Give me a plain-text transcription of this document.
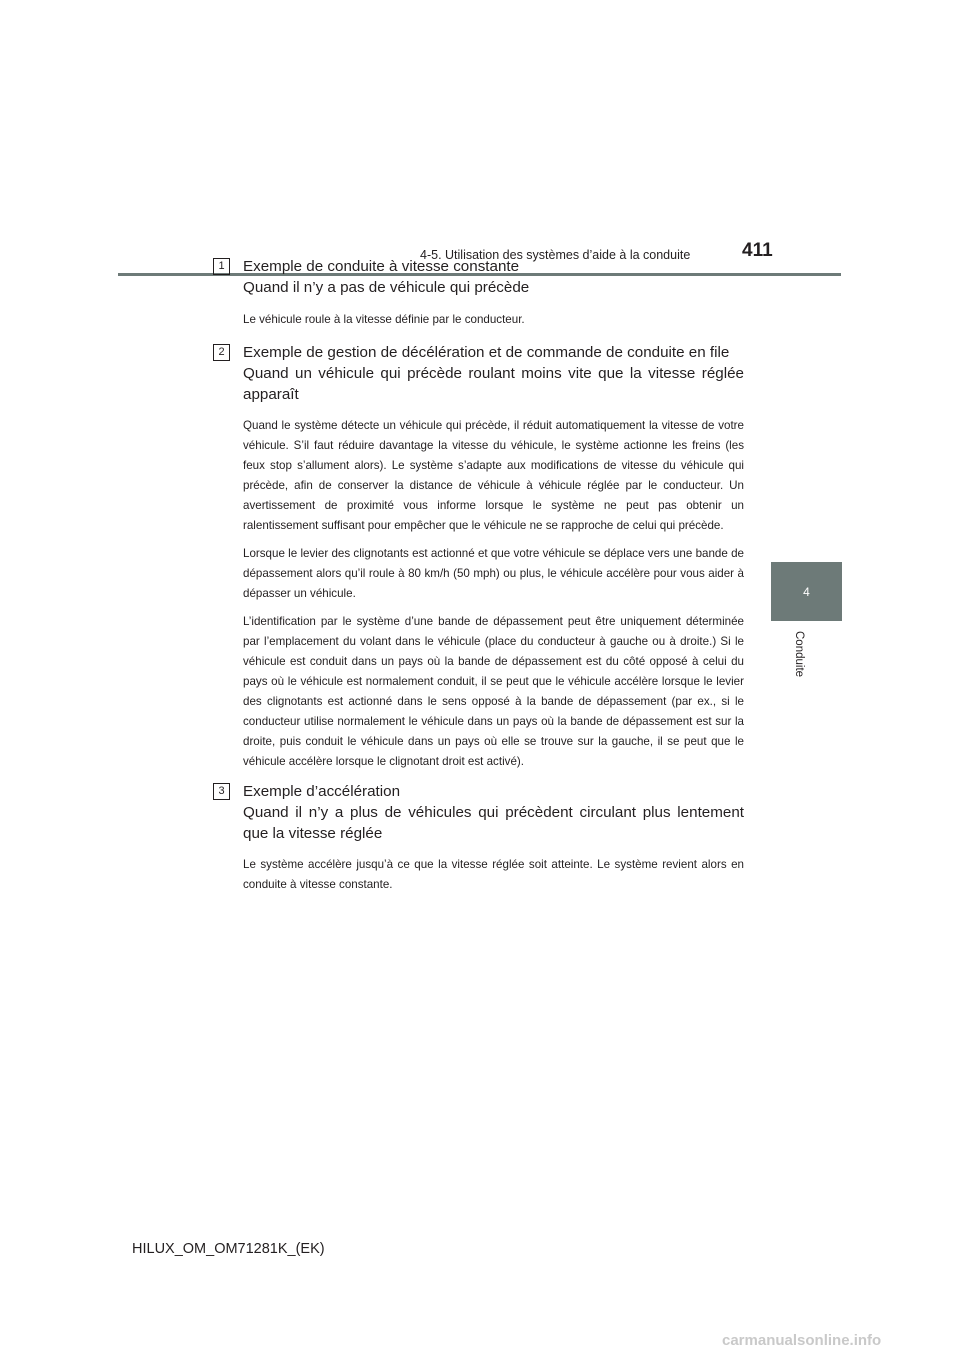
4-5. Utilisation des systèmes d’aide à la conduite	411
4
Conduite
1	Exemple de conduite à vitesse constante
Quand il n’y a pas de véhicule qui précède

Le véhicule roule à la vitesse définie par le conducteur.

2	Exemple de gestion de décélération et de commande de conduite en file
Quand un véhicule qui précède roulant moins vite que la vitesse réglée apparaît

Quand le système détecte un véhicule qui précède, il réduit automatiquement la vitesse de votre véhicule. S’il faut réduire davantage la vitesse du véhicule, le système actionne les freins (les feux stop s’allument alors). Le système s’adapte aux modifications de vitesse du véhicule qui précède, afin de conserver la distance de véhicule à véhicule réglée par le conducteur. Un avertissement de proximité vous informe lorsque le système ne peut pas obtenir un ralentissement suffisant pour empêcher que le véhicule ne se rapproche de celui qui précède.

Lorsque le levier des clignotants est actionné et que votre véhicule se déplace vers une bande de dépassement alors qu’il roule à 80 km/h (50 mph) ou plus, le véhicule accélère pour vous aider à dépasser un véhicule.

L’identification par le système d’une bande de dépassement peut être uniquement déterminée par l’emplacement du volant dans le véhicule (place du conducteur à gauche ou à droite.) Si le véhicule est conduit dans un pays où la bande de dépassement est du côté opposé à celui du pays où le véhicule est normalement conduit, il se peut que le véhicule accélère lorsque le levier des clignotants est actionné dans le sens opposé à la bande de dépassement (par ex., si le conducteur utilise normalement le véhicule dans un pays où la bande de dépassement est sur la droite, puis conduit le véhicule dans un pays où elle se trouve sur la gauche, il se peut que le véhicule accélère lorsque le clignotant droit est activé).

3	Exemple d’accélération
Quand il n’y a plus de véhicules qui précèdent circulant plus lentement que la vitesse réglée

Le système accélère jusqu’à ce que la vitesse réglée soit atteinte. Le système revient alors en conduite à vitesse constante.

HILUX_OM_OM71281K_(EK)
carmanualsonline.info
